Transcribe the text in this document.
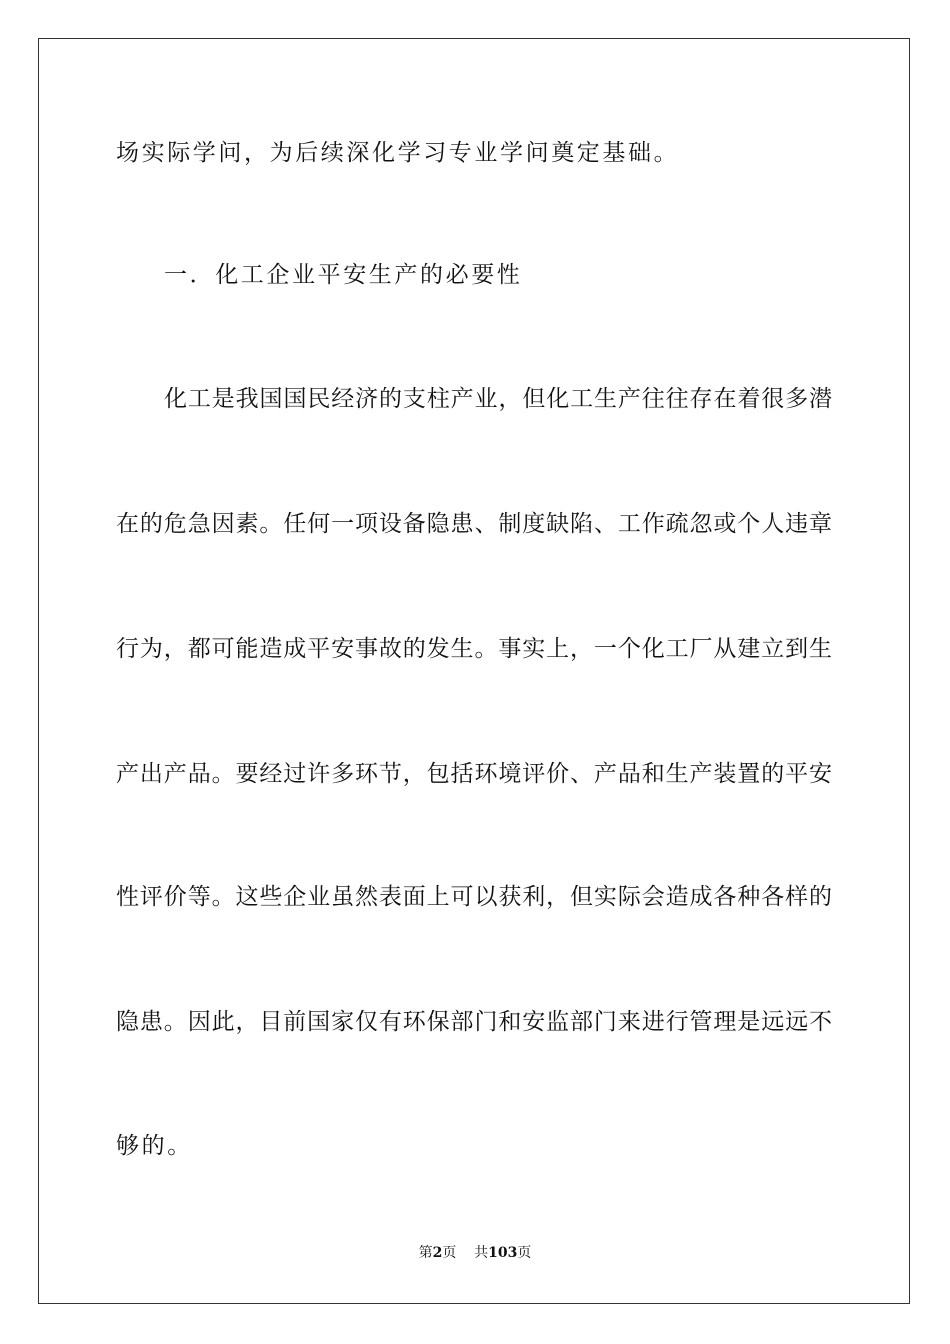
场实际学问，为后续深化学习专业学问奠定基础。
一．化工企业平安生产的必要性
化工是我国国民经济的支柱产业，但化工生产往往存在着很多潜
在的危急因素。任何一项设备隐患、制度缺陷、工作疏忽或个人违章
行为，都可能造成平安事故的发生。事实上，一个化工厂从建立到生
产出产品。要经过许多环节，包括环境评价、产品和生产装置的平安
性评价等。这些企业虽然表面上可以获利，但实际会造成各种各样的
隐患。因此，目前国家仅有环保部门和安监部门来进行管理是远远不
够的。
第2页 共103页
